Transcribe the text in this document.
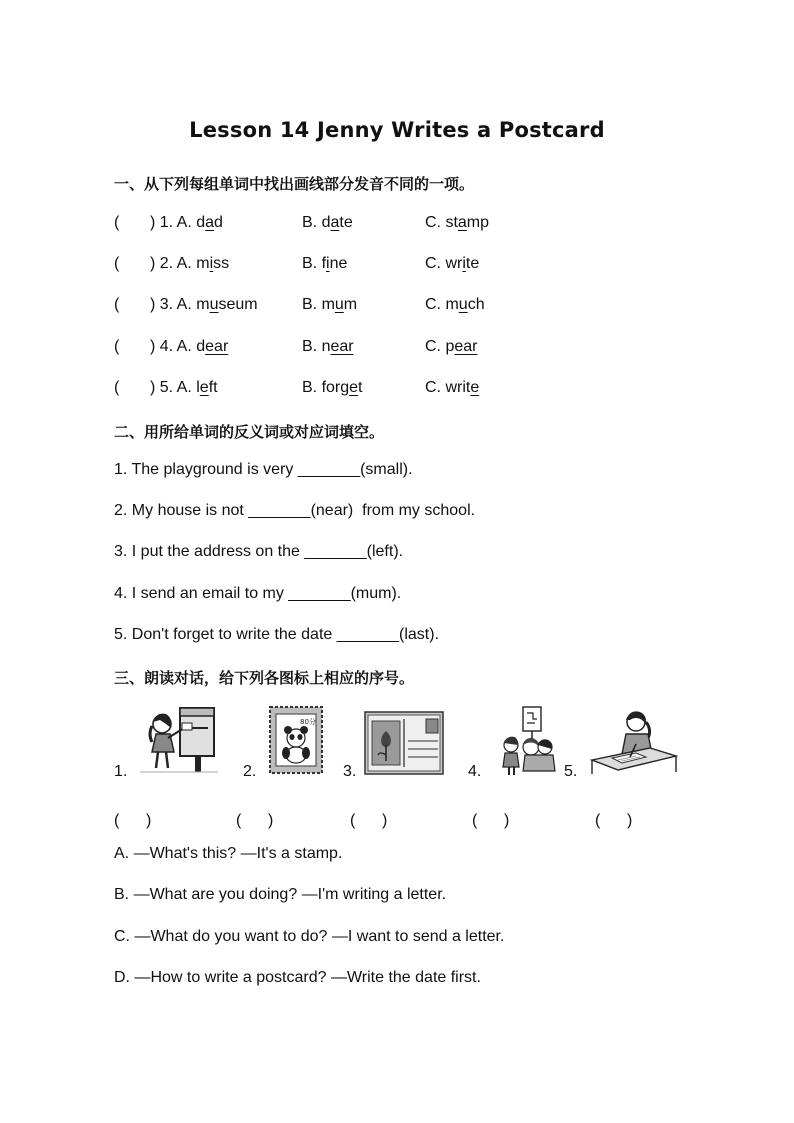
Lesson 14 Jenny Writes a Postcard
一、从下列每组单词中找出画线部分发音不同的一项。
( ) 1. A. dad	B. date	C. stamp
( ) 2. A. miss	B. fine	C. write
( ) 3. A. museum	B. mum	C. much
( ) 4. A. dear	B. near	C. pear
( ) 5. A. left	B. forget	C. write
二、用所给单词的反义词或对应词填空。
1. The playground is very _______(small).
2. My house is not _______(near)  from my school.
3. I put the address on the _______(left).
4. I send an email to my _______(mum).
5. Don't forget to write the date _______(last).
三、朗读对话，给下列各图标上相应的序号。
1.	2.	3.	4.	5.
80分
(      )	(      )	(      )	(      )	(      )
A. —What's this? —It's a stamp.
B. —What are you doing? —I'm writing a letter.
C. —What do you want to do? —I want to send a letter.
D. —How to write a postcard? —Write the date first.
